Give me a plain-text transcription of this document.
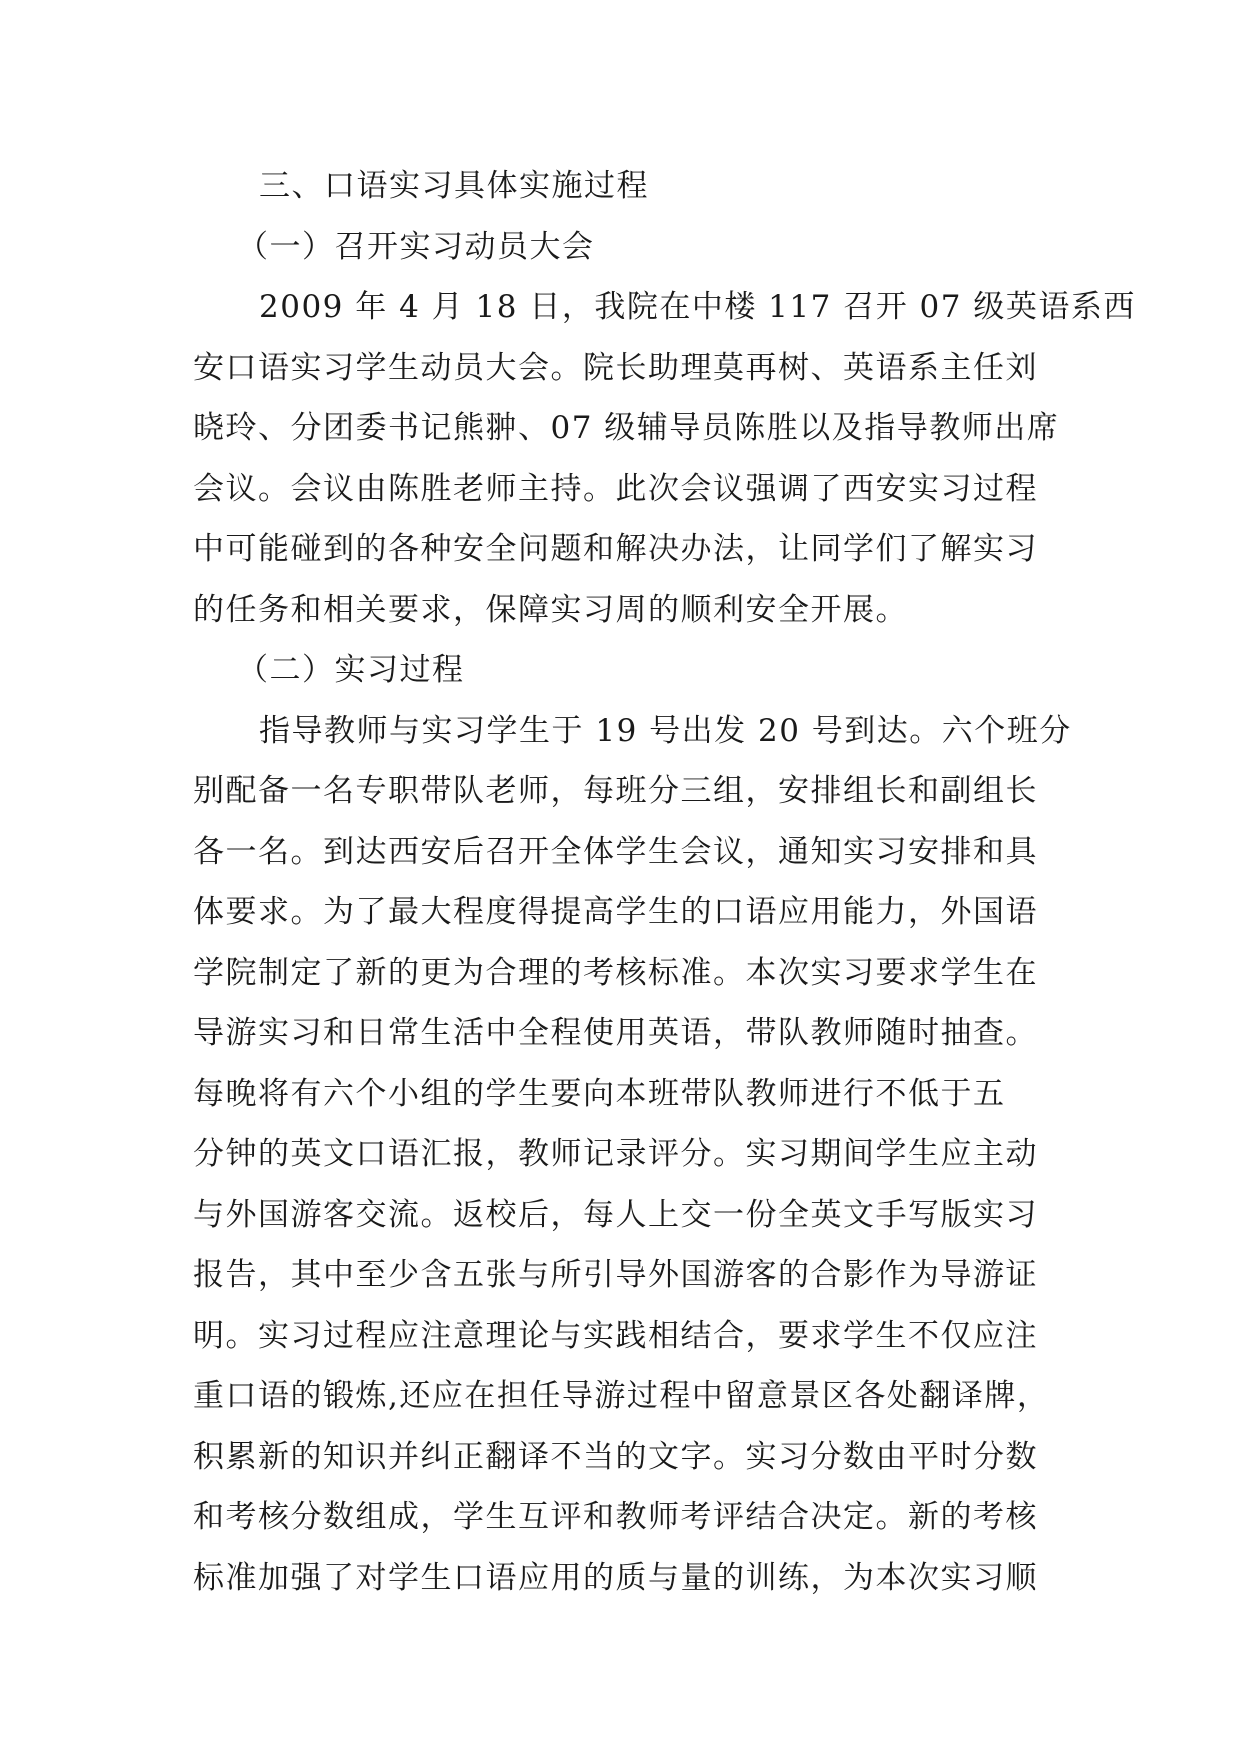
三、口语实习具体实施过程
（一）召开实习动员大会
2009 年 4 月 18 日，我院在中楼 117 召开 07 级英语系西
安口语实习学生动员大会。院长助理莫再树、英语系主任刘
晓玲、分团委书记熊翀、07 级辅导员陈胜以及指导教师出席
会议。会议由陈胜老师主持。此次会议强调了西安实习过程
中可能碰到的各种安全问题和解决办法，让同学们了解实习
的任务和相关要求，保障实习周的顺利安全开展。
（二）实习过程
指导教师与实习学生于 19 号出发 20 号到达。六个班分
别配备一名专职带队老师，每班分三组，安排组长和副组长
各一名。到达西安后召开全体学生会议，通知实习安排和具
体要求。为了最大程度得提高学生的口语应用能力，外国语
学院制定了新的更为合理的考核标准。本次实习要求学生在
导游实习和日常生活中全程使用英语，带队教师随时抽查。
每晚将有六个小组的学生要向本班带队教师进行不低于五
分钟的英文口语汇报，教师记录评分。实习期间学生应主动
与外国游客交流。返校后，每人上交一份全英文手写版实习
报告，其中至少含五张与所引导外国游客的合影作为导游证
明。实习过程应注意理论与实践相结合，要求学生不仅应注
重口语的锻炼,还应在担任导游过程中留意景区各处翻译牌，
积累新的知识并纠正翻译不当的文字。实习分数由平时分数
和考核分数组成，学生互评和教师考评结合决定。新的考核
标准加强了对学生口语应用的质与量的训练，为本次实习顺
